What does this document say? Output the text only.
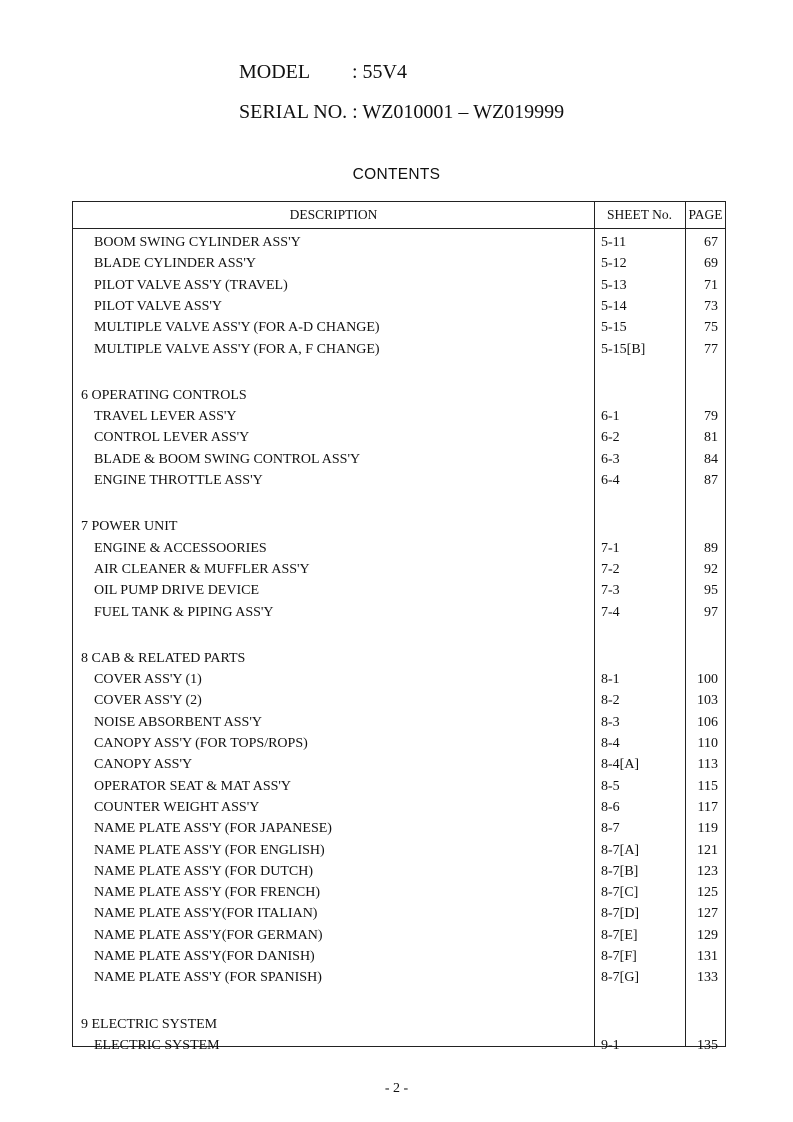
MODEL : 55V4
SERIAL NO. : WZ010001 – WZ019999
CONTENTS
DESCRIPTION	SHEET No.	PAGE
BOOM SWING CYLINDER ASS'Y	5-11	67
BLADE CYLINDER ASS'Y	5-12	69
PILOT VALVE ASS'Y (TRAVEL)	5-13	71
PILOT VALVE ASS'Y	5-14	73
MULTIPLE VALVE ASS'Y (FOR A-D CHANGE)	5-15	75
MULTIPLE VALVE ASS'Y (FOR A, F CHANGE)	5-15[B]	77
6 OPERATING CONTROLS
TRAVEL LEVER ASS'Y	6-1	79
CONTROL LEVER ASS'Y	6-2	81
BLADE & BOOM SWING CONTROL ASS'Y	6-3	84
ENGINE THROTTLE ASS'Y	6-4	87
7 POWER UNIT
ENGINE & ACCESSOORIES	7-1	89
AIR CLEANER & MUFFLER ASS'Y	7-2	92
OIL PUMP DRIVE DEVICE	7-3	95
FUEL TANK & PIPING ASS'Y	7-4	97
8 CAB & RELATED PARTS
COVER ASS'Y (1)	8-1	100
COVER ASS'Y (2)	8-2	103
NOISE ABSORBENT ASS'Y	8-3	106
CANOPY ASS'Y (FOR TOPS/ROPS)	8-4	110
CANOPY ASS'Y	8-4[A]	113
OPERATOR SEAT & MAT ASS'Y	8-5	115
COUNTER WEIGHT ASS'Y	8-6	117
NAME PLATE ASS'Y (FOR JAPANESE)	8-7	119
NAME PLATE ASS'Y (FOR ENGLISH)	8-7[A]	121
NAME PLATE ASS'Y (FOR DUTCH)	8-7[B]	123
NAME PLATE ASS'Y (FOR FRENCH)	8-7[C]	125
NAME PLATE ASS'Y(FOR ITALIAN)	8-7[D]	127
NAME PLATE ASS'Y(FOR GERMAN)	8-7[E]	129
NAME PLATE ASS'Y(FOR DANISH)	8-7[F]	131
NAME PLATE ASS'Y (FOR SPANISH)	8-7[G]	133
9 ELECTRIC SYSTEM
ELECTRIC SYSTEM	9-1	135
- 2 -
